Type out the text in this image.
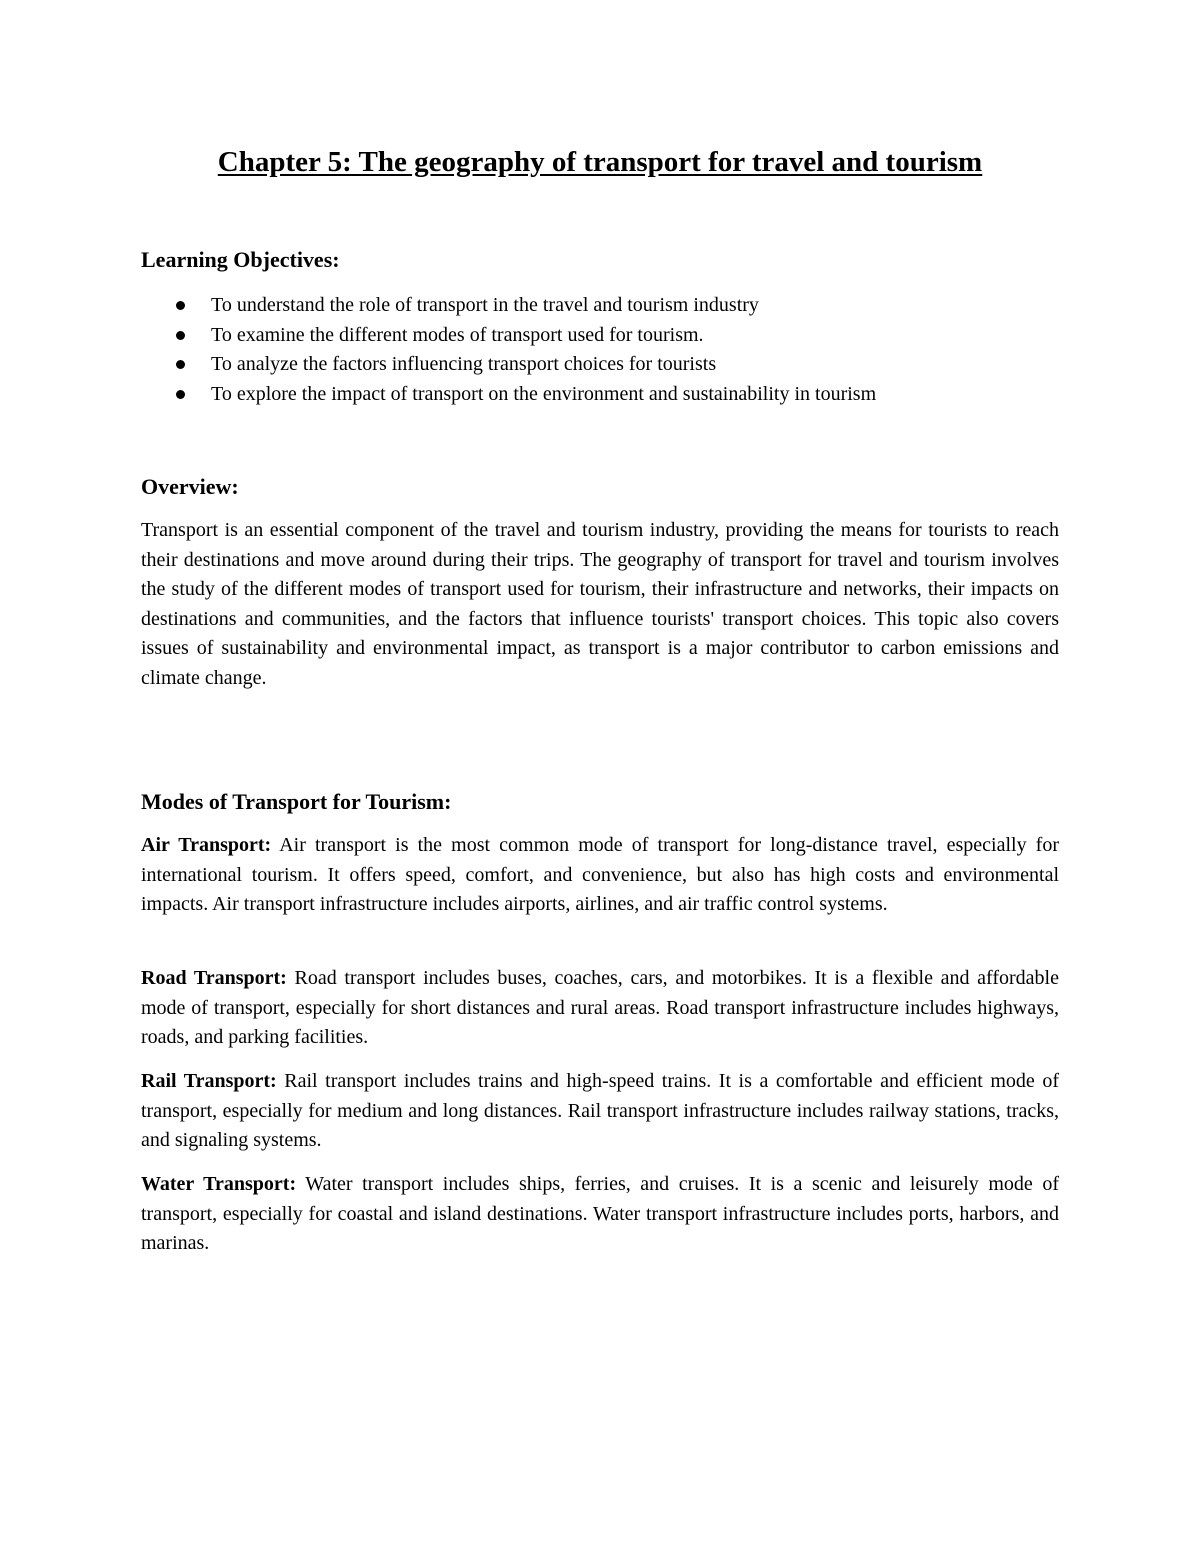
Chapter 5: The geography of transport for travel and tourism
Learning Objectives:
To understand the role of transport in the travel and tourism industry
To examine the different modes of transport used for tourism.
To analyze the factors influencing transport choices for tourists
To explore the impact of transport on the environment and sustainability in tourism
Overview:

Transport is an essential component of the travel and tourism industry, providing the means for tourists to reach their destinations and move around during their trips. The geography of transport for travel and tourism involves the study of the different modes of transport used for tourism, their infrastructure and networks, their impacts on destinations and communities, and the factors that influence tourists' transport choices. This topic also covers issues of sustainability and environmental impact, as transport is a major contributor to carbon emissions and climate change.

Modes of Transport for Tourism:

Air Transport: Air transport is the most common mode of transport for long-distance travel, especially for international tourism. It offers speed, comfort, and convenience, but also has high costs and environmental impacts. Air transport infrastructure includes airports, airlines, and air traffic control systems.

Road Transport: Road transport includes buses, coaches, cars, and motorbikes. It is a flexible and affordable mode of transport, especially for short distances and rural areas. Road transport infrastructure includes highways, roads, and parking facilities.

Rail Transport: Rail transport includes trains and high-speed trains. It is a comfortable and efficient mode of transport, especially for medium and long distances. Rail transport infrastructure includes railway stations, tracks, and signaling systems.

Water Transport: Water transport includes ships, ferries, and cruises. It is a scenic and leisurely mode of transport, especially for coastal and island destinations. Water transport infrastructure includes ports, harbors, and marinas.
